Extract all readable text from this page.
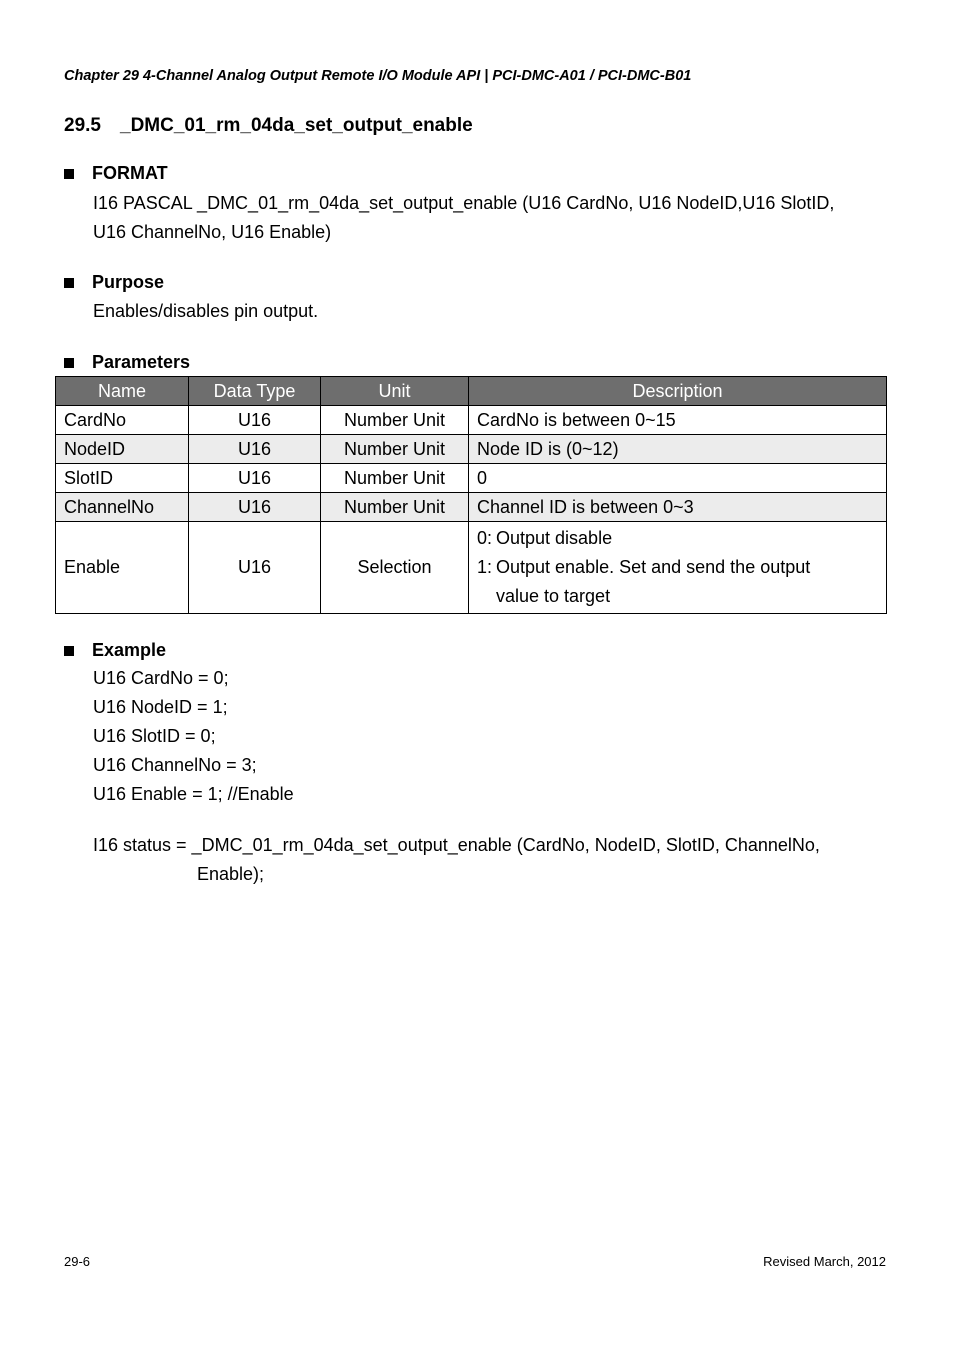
Chapter 29 4-Channel Analog Output Remote I/O Module API | PCI-DMC-A01 / PCI-DMC-B01
29.5 _DMC_01_rm_04da_set_output_enable
FORMAT
I16 PASCAL _DMC_01_rm_04da_set_output_enable (U16 CardNo, U16 NodeID,U16 SlotID,
U16 ChannelNo, U16 Enable)
Purpose
Enables/disables pin output.
Parameters
Name	Data Type	Unit	Description
CardNo	U16	Number Unit	CardNo is between 0~15
NodeID	U16	Number Unit	Node ID is (0~12)
SlotID	U16	Number Unit	0
ChannelNo	U16	Number Unit	Channel ID is between 0~3
Enable	U16	Selection	0: Output disable
1: Output enable. Set and send the output
value to target
Example
U16 CardNo = 0;
U16 NodeID = 1;
U16 SlotID = 0;
U16 ChannelNo = 3;
U16 Enable = 1; //Enable
I16 status = _DMC_01_rm_04da_set_output_enable (CardNo, NodeID, SlotID, ChannelNo,
Enable);
29-6	Revised March, 2012
